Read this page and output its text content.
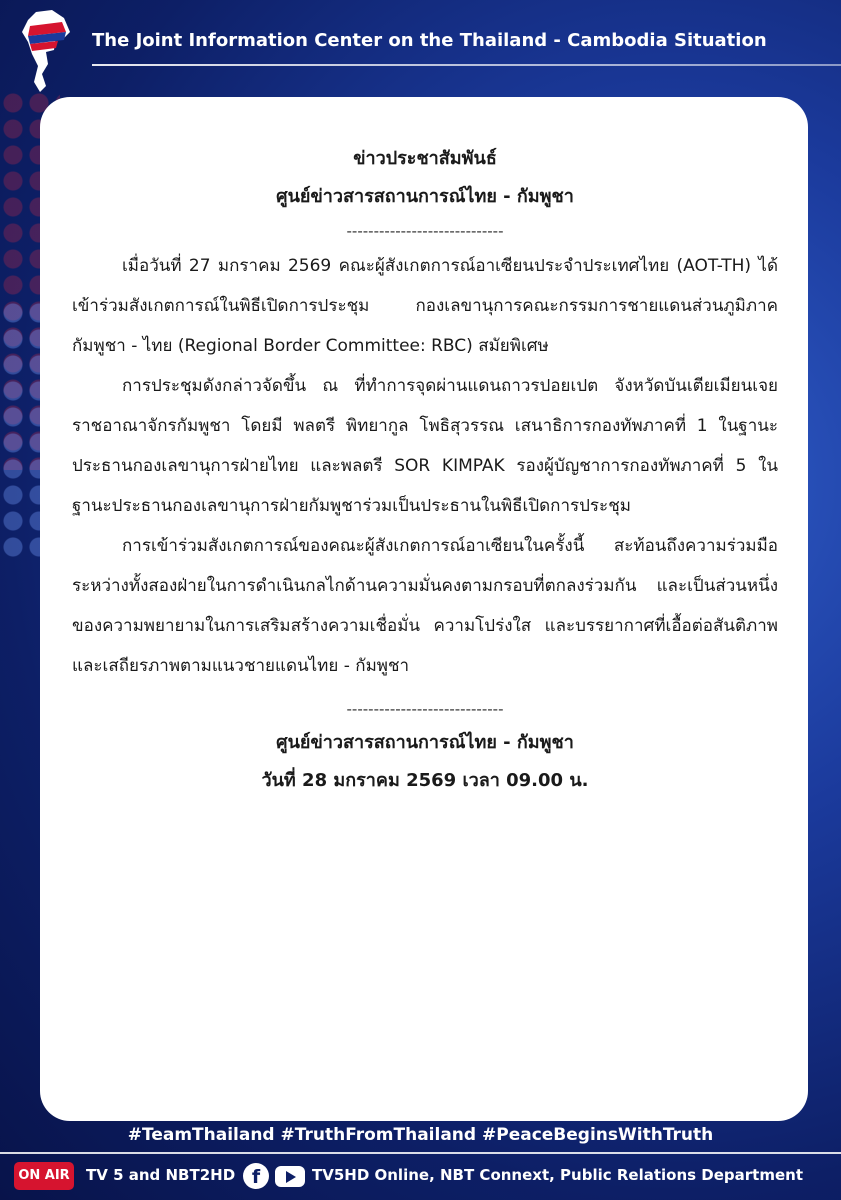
The Joint Information Center on the Thailand - Cambodia Situation
ข่าวประชาสัมพันธ์
ศูนย์ข่าวสารสถานการณ์ไทย - กัมพูชา
-----------------------------

เมื่อวันที่ 27 มกราคม 2569 คณะผู้สังเกตการณ์อาเซียนประจำประเทศไทย (AOT-TH) ได้เข้าร่วมสังเกตการณ์ในพิธีเปิดการประชุม กองเลขานุการคณะกรรมการชายแดนส่วนภูมิภาคกัมพูชา - ไทย (Regional Border Committee: RBC) สมัยพิเศษ

การประชุมดังกล่าวจัดขึ้น ณ ที่ทำการจุดผ่านแดนถาวรปอยเปต จังหวัดบันเตียเมียนเจย ราชอาณาจักรกัมพูชา โดยมี พลตรี พิทยากูล โพธิสุวรรณ เสนาธิการกองทัพภาคที่ 1 ในฐานะประธานกองเลขานุการฝ่ายไทย และพลตรี SOR KIMPAK รองผู้บัญชาการกองทัพภาคที่ 5 ในฐานะประธานกองเลขานุการฝ่ายกัมพูชาร่วมเป็นประธานในพิธีเปิดการประชุม

การเข้าร่วมสังเกตการณ์ของคณะผู้สังเกตการณ์อาเซียนในครั้งนี้ สะท้อนถึงความร่วมมือระหว่างทั้งสองฝ่ายในการดำเนินกลไกด้านความมั่นคงตามกรอบที่ตกลงร่วมกัน และเป็นส่วนหนึ่งของความพยายามในการเสริมสร้างความเชื่อมั่น ความโปร่งใส และบรรยากาศที่เอื้อต่อสันติภาพและเสถียรภาพตามแนวชายแดนไทย - กัมพูชา

-----------------------------
ศูนย์ข่าวสารสถานการณ์ไทย - กัมพูชา
วันที่ 28 มกราคม 2569 เวลา 09.00 น.
#TeamThailand #TruthFromThailand #PeaceBeginsWithTruth
ON AIR TV 5 and NBT2HD f	TV5HD Online, NBT Connext, Public Relations Department
